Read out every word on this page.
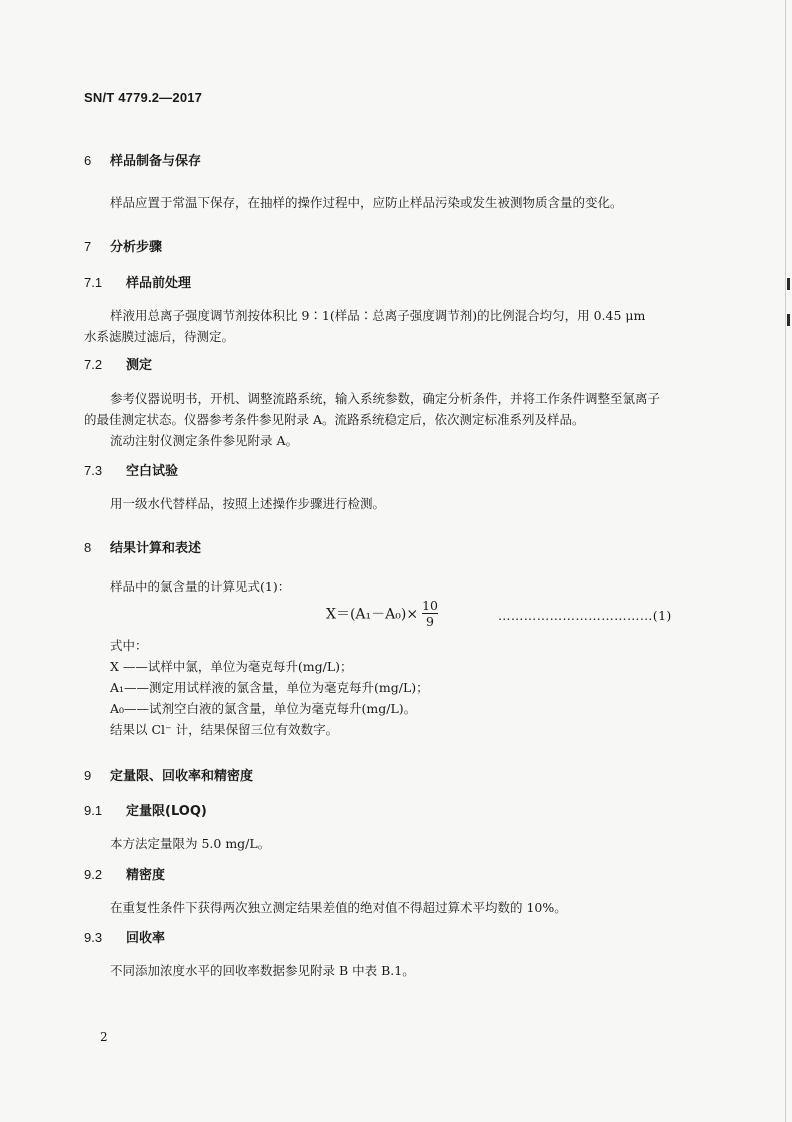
SN/T 4779.2—2017
6 样品制备与保存
样品应置于常温下保存，在抽样的操作过程中，应防止样品污染或发生被测物质含量的变化。
7 分析步骤
7.1 样品前处理
样液用总离子强度调节剂按体积比 9∶1(样品∶总离子强度调节剂)的比例混合均匀，用 0.45 μm
水系滤膜过滤后，待测定。
7.2 测定
参考仪器说明书，开机、调整流路系统，输入系统参数，确定分析条件，并将工作条件调整至氯离子
的最佳测定状态。仪器参考条件参见附录 A。流路系统稳定后，依次测定标准系列及样品。
流动注射仪测定条件参见附录 A。
7.3 空白试验
用一级水代替样品，按照上述操作步骤进行检测。
8 结果计算和表述
样品中的氯含量的计算见式(1)：
$X=(A_1-A_0)\times \frac{10}{9}$	………………………………(1)
式中：
X ——试样中氯，单位为毫克每升(mg/L)；
A₁——测定用试样液的氯含量，单位为毫克每升(mg/L)；
A₀——试剂空白液的氯含量，单位为毫克每升(mg/L)。
结果以 Cl⁻ 计，结果保留三位有效数字。
9 定量限、回收率和精密度
9.1 定量限(LOQ)
本方法定量限为 5.0 mg/L。
9.2 精密度
在重复性条件下获得两次独立测定结果差值的绝对值不得超过算术平均数的 10%。
9.3 回收率
不同添加浓度水平的回收率数据参见附录 B 中表 B.1。
2
